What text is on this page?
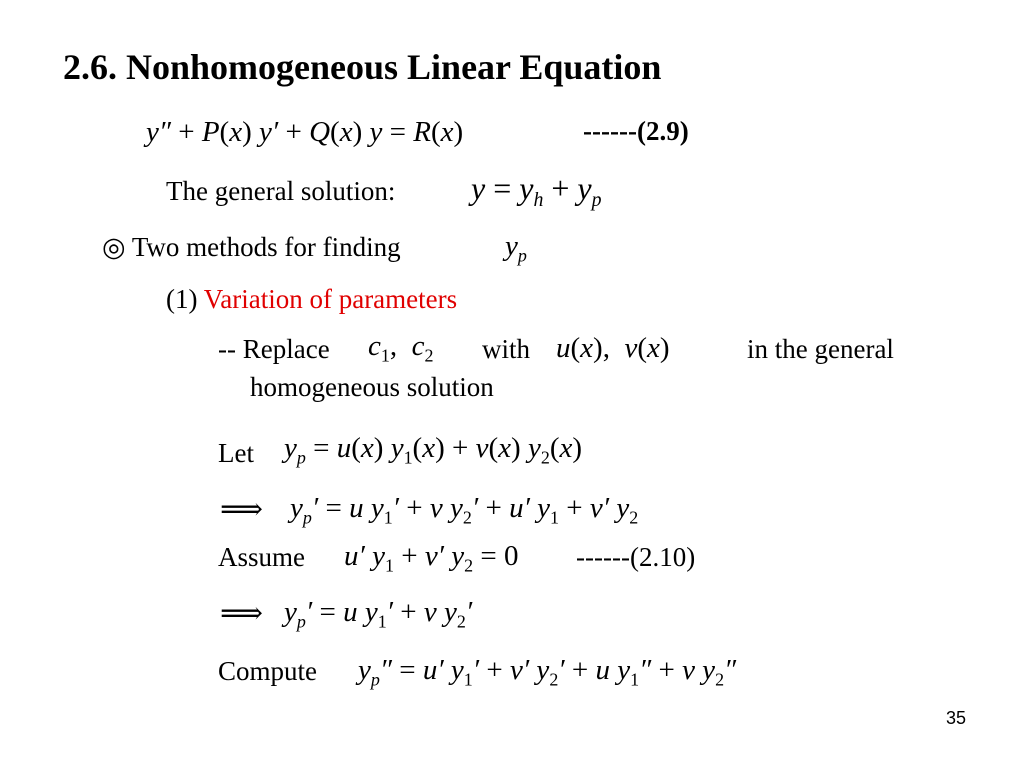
2.6. Nonhomogeneous Linear Equation
y″ + P(x) y′ + Q(x) y = R(x)	------(2.9)
The general solution: $y = y_h + y_p$
◎ Two methods for finding	$y_p$
(1) Variation of parameters
-- Replace $c_1$,  $c_2$ with u(x),  v(x)	in the general
homogeneous solution
Let $y_p = u(x) y_1(x) + v(x)$ $y_2(x)$
⟹ $y_p' = u$ $y_1' + v$ $y_2' + u'$ $y_1 + v'$ $y_2$
Assume u′ $y_1 + v'$ $y_2 = 0$ ------(2.10)
⟹ $y_p' = u$ $y_1' + v$ $y_2'$
Compute $y_p'' = u'$ $y_1' + v'$ $y_2' + u$ $y_1'' + v$ $y_2''$
35
